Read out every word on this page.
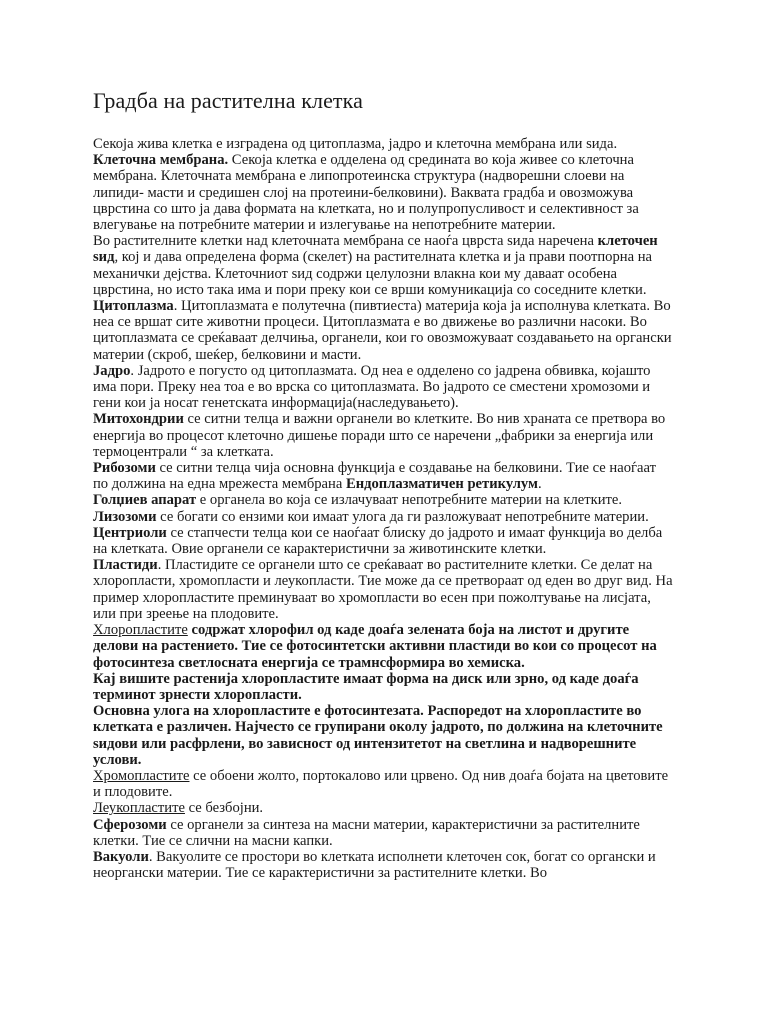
Градба на растителна клетка

Секоја жива клетка е изградена од цитоплазма, јадро и клеточна мембрана или ѕида.

Клеточна мембрана. Секоја клетка е одделена од средината во која живее со клеточна мембрана. Клеточната мембрана е липопротеинска структура (надворешни слоеви на липиди- масти и средишен слој на протеини-белковини). Ваквата градба и овозможува цврстина со што ја дава формата на клетката, но и полупропусливост и селективност за влегување на потребните материи и излегување на непотребните материи.

Во растителните клетки над клеточната мембрана се наоѓа цврста ѕида наречена клеточен ѕид, кој и дава определена форма (скелет) на растителната клетка и ја прави поотпорна на механички дејства. Клеточниот ѕид содржи целулозни влакна кои му даваат особена цврстина, но исто така има и пори преку кои се врши комуникација со соседните клетки.

Цитоплазма. Цитоплазмата е полутечна (пивтиеста) материја која ја исполнува клетката. Во неа се вршат сите животни процеси. Цитоплазмата е во движење во различни насоки. Во цитоплазмата се среќаваат делчиња, органели, кои го овозможуваат создавањето на органски материи (скроб, шеќер, белковини и масти.

Јадро. Јадрото е погусто од цитоплазмата. Од неа е одделено со јадрена обвивка, којашто има пори. Преку неа тоа е во врска со цитоплазмата. Во јадрото се сместени хромозоми и гени кои ја носат генетската информација(наследувањето).

Митохондрии се ситни телца и важни органели во клетките. Во нив храната се претвора во енергија во процесот клеточно дишење поради што се наречени „фабрики за енергија или термоцентрали “ за клетката.

Рибозоми се ситни телца чија основна функција е создавање на белковини. Тие се наоѓаат по должина на една мрежеста мембрана Ендоплазматичен ретикулум.

Голџиев апарат е органела во која се излачуваат непотребните материи на клетките.

Лизозоми се богати со ензими кои имаат улога да ги разложуваат непотребните материи.

Центриоли се стапчести телца кои се наоѓаат блиску до јадрото и имаат функција во делба на клетката. Овие органели се карактеристични за животинските клетки.

Пластиди. Пластидите се органели што се среќаваат во растителните клетки. Се делат на хлоропласти, хромопласти и леукопласти. Тие може да се претвораат од еден во друг вид. На пример хлоропластите преминуваат во хромопласти во есен при пожолтување на лисјата, или при зреење на плодовите.

Хлоропластите содржат хлорофил од каде доаѓа зелената боја на листот и другите делови на растението. Тие се фотосинтетски активни пластиди во кои со процесот на фотосинтеза светлосната енергија се трамнсформира во хемиска.

Кај вишите растенија хлоропластите имаат форма на диск или зрно, од каде доаѓа терминот зрнести хлоропласти.

Основна улога на хлоропластите е фотосинтезата. Распоредот на хлоропластите во клетката е различен. Најчесто се групирани околу јадрото, по должина на клеточните ѕидови или расфрлени, во зависност од интензитетот на светлина и надворешните услови.

Хромопластите се обоени жолто, портокалово или црвено. Од нив доаѓа бојата на цветовите и плодовите.

Леукопластите се безбојни.

Сферозоми се органели за синтеза на масни материи, карактеристични за растителните клетки. Тие се слични на масни капки.

Вакуоли. Вакуолите се простори во клетката исполнети клеточен сок, богат со органски и неоргански материи. Тие се карактеристични за растителните клетки. Во
